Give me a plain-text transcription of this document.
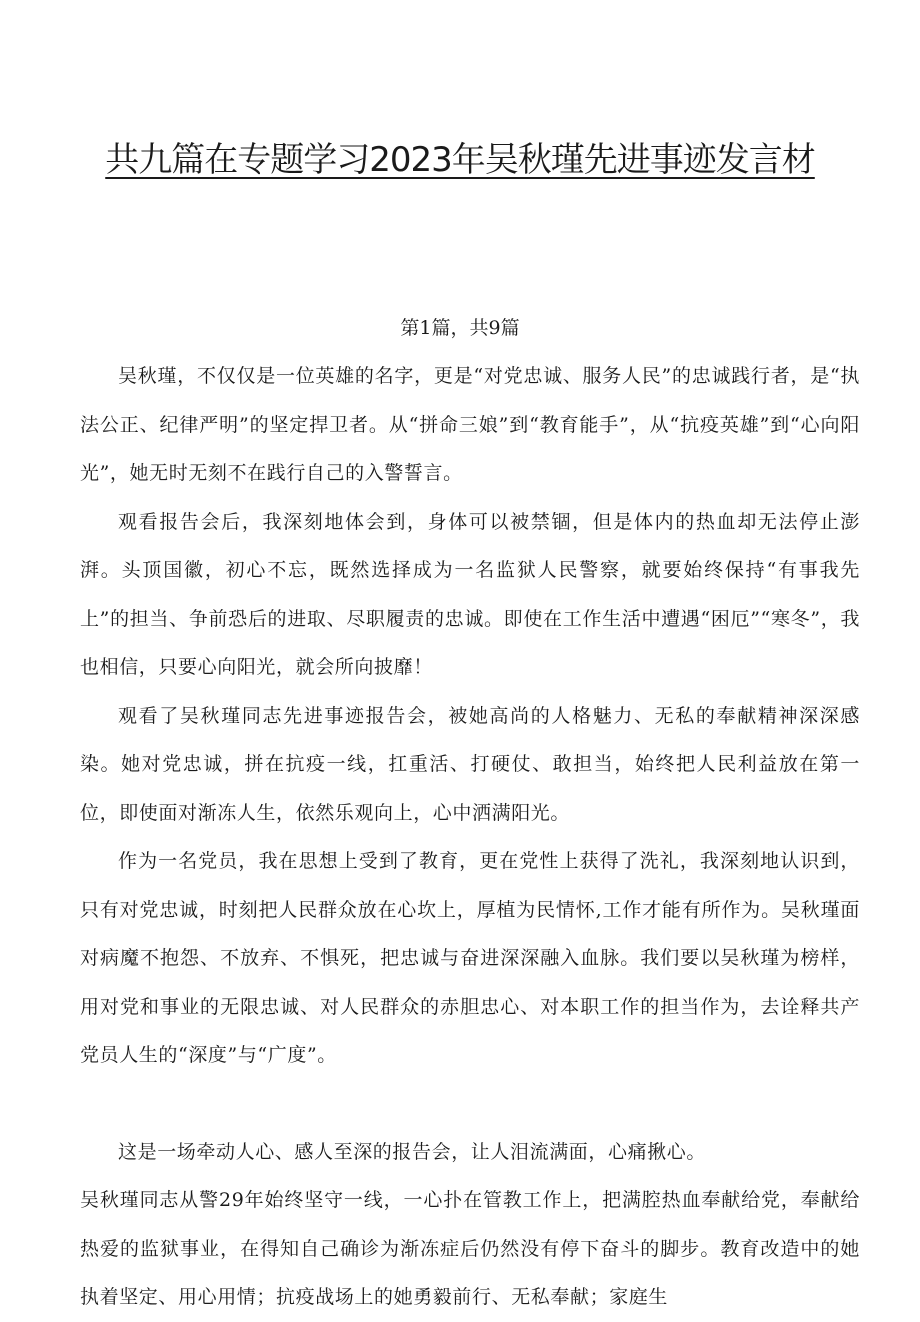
共九篇在专题学习2023年吴秋瑾先进事迹发言材
第1篇，共9篇

吴秋瑾，不仅仅是一位英雄的名字，更是“对党忠诚、服务人民”的忠诚践行者，是“执法公正、纪律严明”的坚定捍卫者。从“拼命三娘”到“教育能手”，从“抗疫英雄”到“心向阳光”，她无时无刻不在践行自己的入警誓言。

观看报告会后，我深刻地体会到，身体可以被禁锢，但是体内的热血却无法停止澎湃。头顶国徽，初心不忘，既然选择成为一名监狱人民警察，就要始终保持“有事我先上”的担当、争前恐后的进取、尽职履责的忠诚。即使在工作生活中遭遇“困厄”“寒冬”，我也相信，只要心向阳光，就会所向披靡！

观看了吴秋瑾同志先进事迹报告会，被她高尚的人格魅力、无私的奉献精神深深感染。她对党忠诚，拼在抗疫一线，扛重活、打硬仗、敢担当，始终把人民利益放在第一位，即使面对渐冻人生，依然乐观向上，心中洒满阳光。

作为一名党员，我在思想上受到了教育，更在党性上获得了洗礼，我深刻地认识到，只有对党忠诚，时刻把人民群众放在心坎上，厚植为民情怀,工作才能有所作为。吴秋瑾面对病魔不抱怨、不放弃、不惧死，把忠诚与奋进深深融入血脉。我们要以吴秋瑾为榜样，用对党和事业的无限忠诚、对人民群众的赤胆忠心、对本职工作的担当作为，去诠释共产党员人生的“深度”与“广度”。

这是一场牵动人心、感人至深的报告会，让人泪流满面，心痛揪心。

吴秋瑾同志从警29年始终坚守一线，一心扑在管教工作上，把满腔热血奉献给党，奉献给热爱的监狱事业，在得知自己确诊为渐冻症后仍然没有停下奋斗的脚步。教育改造中的她执着坚定、用心用情；抗疫战场上的她勇毅前行、无私奉献；家庭生
